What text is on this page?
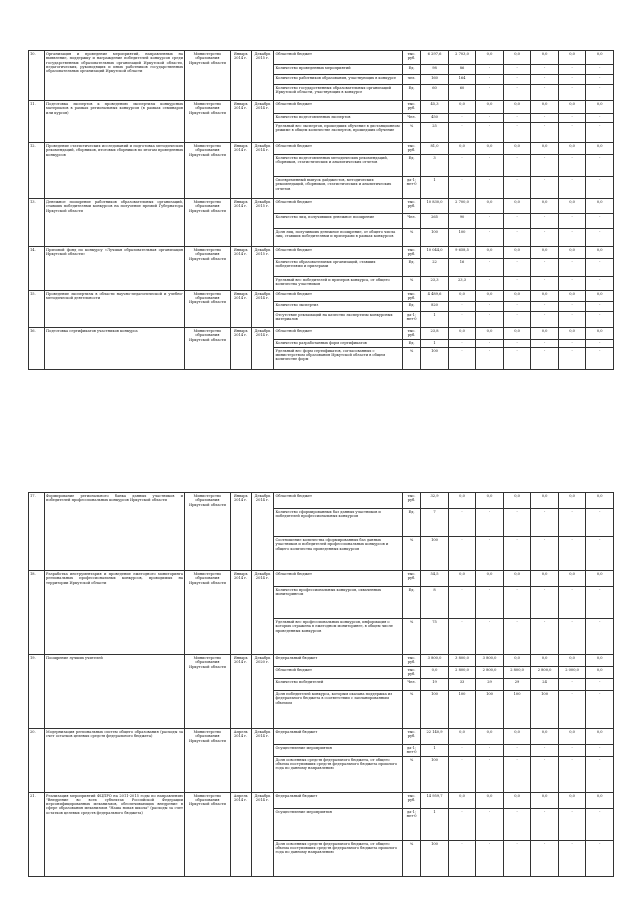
10.	Организация и проведение мероприятий, направленных на выявление, поддержку и награждение победителей конкурсов среди государственных образовательных организаций Иркутской области, педагогических, руководящих и иных работников государственных образовательных организаций Иркутской области	Министерство образования Иркутской области	Январь 2014 г.	Декабрь 2015 г.	Областной бюджет	тыс. руб.	6 297,6	2 703,0	0,0	0,0	0,0	0,0	0,0
					Количество проведенных мероприятий	Ед.	98	86	-	-	-	-	-
					Количество работников образования, участвующих в конкурсе	чел.	160	164	-	-	-	-	-
					Количество государственных образовательных организаций Иркутской области, участвующих в конкурсе	Ед.	60	60	-	-	-	-	-
11.	Подготовка экспертов к проведению экспертизы конкурсных материалов в рамках региональных конкурсов (в рамках семинаров или курсов)	Министерство образования Иркутской области	Январь 2014 г.	Декабрь 2014 г.	Областной бюджет	тыс. руб.	45,3	0,0	0,0	0,0	0,0	0,0	0,0
					Количество подготовленных экспертов	Чел.	450	-	-	-	-	-	-
					Удельный вес экспертов, прошедших обучение в дистанционном режиме в общем количестве экспертов, прошедших обучение	%	25	-	-	-	-	-	-
12.	Проведение статистических исследований и подготовка методических рекомендаций, сборников, итоговых сборников по итогам проведенных конкурсов	Министерство образования Иркутской области	Январь 2014 г.	Декабрь 2014 г.	Областной бюджет	тыс. руб.	81,0	0,0	0,0	0,0	0,0	0,0	0,0
					Количество подготовленных методических рекомендаций, сборников, статистических и аналитических отчетов	Ед.	3	-	-	-	-	-	-
					Своевременный выпуск дайджестов, методических рекомендаций, сборников, статистических и аналитических отчетов	да-1; нет-0	1	-	-	-	-	-	-
13.	Денежное поощрение работников образовательных организаций, ставших победителями конкурсов на получение премий Губернатора Иркутской области	Министерство образования Иркутской области	Январь 2014 г.	Декабрь 2015 г.	Областной бюджет	тыс. руб.	10 830,0	2 700,0	0,0	0,0	0,0	0,0	0,0
					Количество лиц, получивших денежное поощрение	Чел.	265	90	-	-	-	-	-
					Доля лиц, получивших денежное поощрение, от общего числа лиц, ставших победителями и призерами в рамках конкурсов	%	100	100	-	-	-	-	-
14.	Призовой фонд по конкурсу «Лучшая образовательная организация Иркутской области»	Министерство образования Иркутской области	Январь 2014 г.	Декабрь 2015 г.	Областной бюджет	тыс. руб.	10 044,0	9 658,5	0,0	0,0	0,0	0,0	0,0
					Количество образовательных организаций, ставших победителями и призерами	Ед.	22	16	-	-	-	-	-
					Удельный вес победителей и призеров конкурса, от общего количества участников	%	23,3	23,3	-	-	-	-	-
15.	Проведение экспертизы в области научно-педагогической и учебно-методической деятельности	Министерство образования Иркутской области	Январь 2014 г.	Декабрь 2014 г.	Областной бюджет	тыс. руб.	4 489,6	0,0	0,0	0,0	0,0	0,0	0,0
					Количество экспертиз	Ед.	820	-	-	-	-	-	-
					Отсутствие рекламаций на качество экспертизы конкурсных материалов	да-1; нет-0	1	-	-	-	-	-	-
16.	Подготовка сертификатов участников конкурса	Министерство образования Иркутской области	Январь 2014 г.	Декабрь 2014 г.	Областной бюджет	тыс. руб.	23,8	0,0	0,0	0,0	0,0	0,0	0,0
					Количество разработанных форм сертификатов	Ед.	1	-	-	-	-	-	-
					Удельный вес форм сертификатов, согласованных с министерством образования Иркутской области в общем количестве форм	%	100	-	-	-	-	-	-
17.	Формирование регионального банка данных участников и победителей профессиональных конкурсов Иркутской области	Министерство образования Иркутской области	Январь 2014 г.	Декабрь 2014 г.	Областной бюджет	тыс. руб.	32,9	0,0	0,0	0,0	0,0	0,0	0,0
					Количество сформированных баз данных участников и победителей профессиональных конкурсов	Ед.	7	-	-	-	-	-	-
					Соотношение количества сформированных баз данных участников и победителей профессиональных конкурсов и общего количества проведенных конкурсов	%	100	-	-	-	-	-	-
18.	Разработка инструментария и проведение ежегодного мониторинга региональных профессиональных конкурсов, проводимых на территории Иркутской области	Министерство образования Иркутской области	Январь 2014 г.	Декабрь 2014 г.	Областной бюджет	тыс. руб.	54,5	0,0	0,0	0,0	0,0	0,0	0,0
					Количество профессиональных конкурсов, охваченных мониторингом	Ед.	8	-	-	-	-	-	-
					Удельный вес профессиональных конкурсов, информация о которых отражена в ежегодном мониторинге, в общем числе проведенных конкурсов	%	75	-	-	-	-	-	-
19.	Поощрение лучших учителей	Министерство образования Иркутской области	Январь 2014 г.	Декабрь 2020 г.	Федеральный бюджет	тыс. руб.	3 800,0	3 800,0	3 800,0	0,0	0,0	0,0	0,0
					Областной бюджет	тыс. руб.	0,0	2 800,0	2 800,0	2 800,0	2 800,0	2 000,0	0,0
					Количество победителей	Чел.	19	33	29	29	24	-	-
					Доля победителей конкурса, которым оказана поддержка из федерального бюджета в соответствии с запланированным объемом	%	100	100	100	100	100	-	-
20.	Модернизация региональных систем общего образования (расходы за счет остатков целевых средств федерального бюджета)	Министерство образования Иркутской области	Апрель 2014 г.	Декабрь 2014 г.	Федеральный бюджет	тыс. руб.	22 140,9	0,0	0,0	0,0	0,0	0,0	0,0
					Осуществление мероприятия	да-1; нет-0	1	-	-	-	-	-	-
					Доля освоенных средств федерального бюджета, от общего объема поступивших средств федерального бюджета прошлого года по данному направлению	%	100	-	-	-	-	-	-
21.	Реализация мероприятий ФЦПРО на 2011-2015 годы по направлению "Внедрение во всех субъектах Российской Федерации персонифицированных механизмов, обеспечивающих внедрение в сфере образования механизмов "Наша новая школа" (расходы за счет остатков целевых средств федерального бюджета)	Министерство образования Иркутской области	Апрель 2014 г.	Декабрь 2014 г.	Федеральный бюджет	тыс. руб.	14 959,7	0,0	0,0	0,0	0,0	0,0	0,0
					Осуществление мероприятия	да-1; нет-0	1	-	-	-	-	-	-
					Доля освоенных средств федерального бюджета, от общего объема поступивших средств федерального бюджета прошлого года по данному направлению	%	100	-	-	-	-	-	-
